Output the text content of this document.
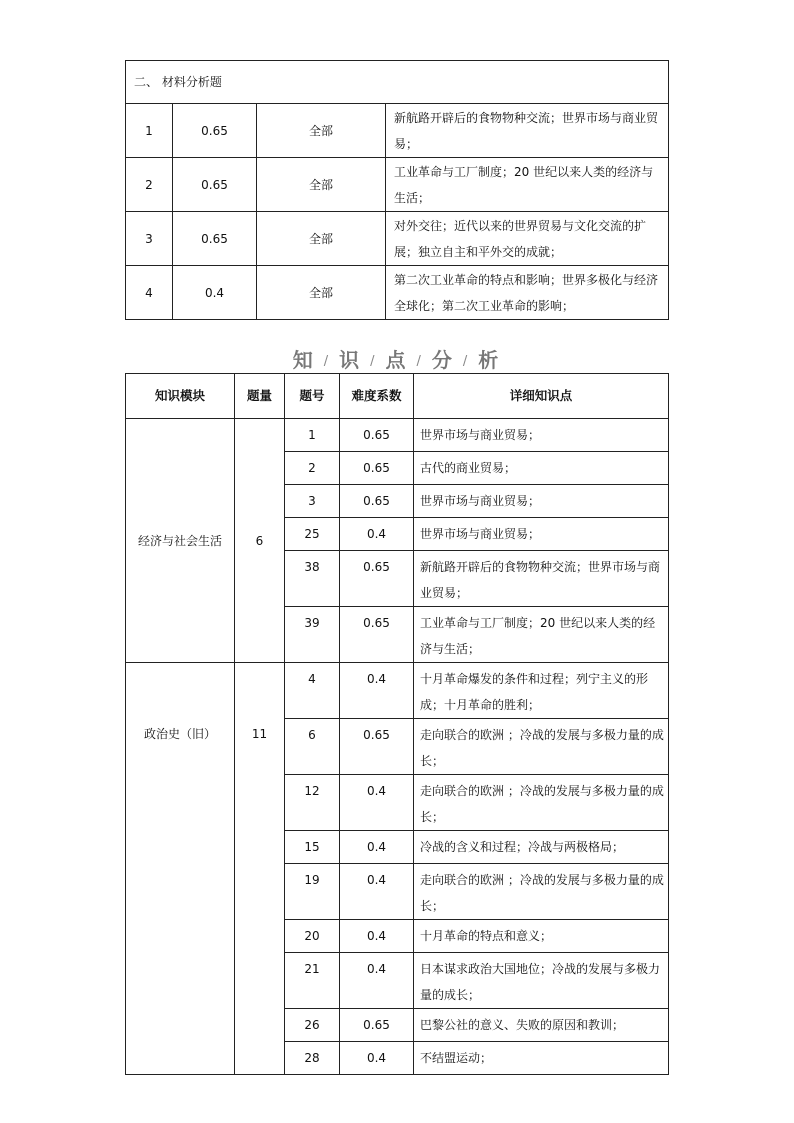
二、 材料分析题			
1	0.65	全部	新航路开辟后的食物物种交流；世界市场与商业贸易；
2	0.65	全部	工业革命与工厂制度；20 世纪以来人类的经济与生活；
3	0.65	全部	对外交往；近代以来的世界贸易与文化交流的扩展；独立自主和平外交的成就；
4	0.4	全部	第二次工业革命的特点和影响；世界多极化与经济全球化；第二次工业革命的影响；
知 / 识 / 点 / 分 / 析
知识模块	题量	题号	难度系数	详细知识点
经济与社会生活	6	1	0.65	世界市场与商业贸易；
		2	0.65	古代的商业贸易；
		3	0.65	世界市场与商业贸易；
		25	0.4	世界市场与商业贸易；
		38	0.65	新航路开辟后的食物物种交流；世界市场与商业贸易；
		39	0.65	工业革命与工厂制度；20 世纪以来人类的经济与生活；
政治史（旧）	11	4	0.4	十月革命爆发的条件和过程；列宁主义的形成；十月革命的胜利；
		6	0.65	走向联合的欧洲 ；冷战的发展与多极力量的成长；
		12	0.4	走向联合的欧洲 ；冷战的发展与多极力量的成长；
		15	0.4	冷战的含义和过程；冷战与两极格局；
		19	0.4	走向联合的欧洲 ；冷战的发展与多极力量的成长；
		20	0.4	十月革命的特点和意义；
		21	0.4	日本谋求政治大国地位；冷战的发展与多极力量的成长；
		26	0.65	巴黎公社的意义、失败的原因和教训；
		28	0.4	不结盟运动；
